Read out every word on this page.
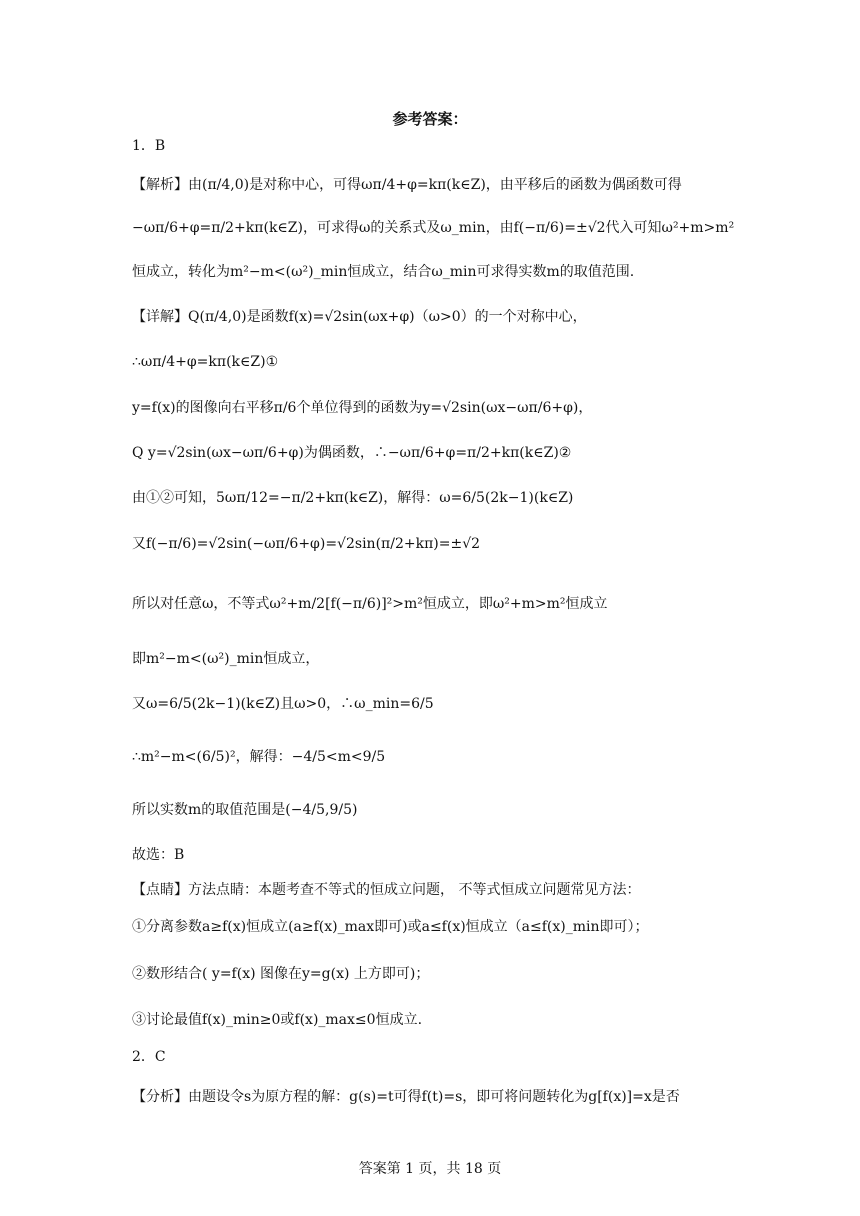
参考答案：
1．B
【解析】由(π/4,0)是对称中心，可得ωπ/4+φ=kπ(k∈Z)，由平移后的函数为偶函数可得
−ωπ/6+φ=π/2+kπ(k∈Z)，可求得ω的关系式及ω_min，由f(−π/6)=±√2代入可知ω²+m>m²
恒成立，转化为m²−m<(ω²)_min恒成立，结合ω_min可求得实数m的取值范围.
【详解】Q(π/4,0)是函数f(x)=√2sin(ωx+φ)（ω>0）的一个对称中心，
∴ωπ/4+φ=kπ(k∈Z)①
y=f(x)的图像向右平移π/6个单位得到的函数为y=√2sin(ωx−ωπ/6+φ)，
Q y=√2sin(ωx−ωπ/6+φ)为偶函数，∴−ωπ/6+φ=π/2+kπ(k∈Z)②
由①②可知，5ωπ/12=−π/2+kπ(k∈Z)，解得：ω=6/5(2k−1)(k∈Z)
又f(−π/6)=√2sin(−ωπ/6+φ)=√2sin(π/2+kπ)=±√2
所以对任意ω，不等式ω²+m/2[f(−π/6)]²>m²恒成立，即ω²+m>m²恒成立
即m²−m<(ω²)_min恒成立，
又ω=6/5(2k−1)(k∈Z)且ω>0，∴ω_min=6/5
∴m²−m<(6/5)²，解得：−4/5<m<9/5
所以实数m的取值范围是(−4/5,9/5)
故选：B
【点睛】方法点睛：本题考查不等式的恒成立问题， 不等式恒成立问题常见方法：
①分离参数a≥f(x)恒成立(a≥f(x)_max即可)或a≤f(x)恒成立（a≤f(x)_min即可）；
②数形结合( y=f(x) 图像在y=g(x) 上方即可)；
③讨论最值f(x)_min≥0或f(x)_max≤0恒成立.
2．C
【分析】由题设令s为原方程的解：g(s)=t可得f(t)=s，即可将问题转化为g[f(x)]=x是否
答案第 1 页，共 18 页
